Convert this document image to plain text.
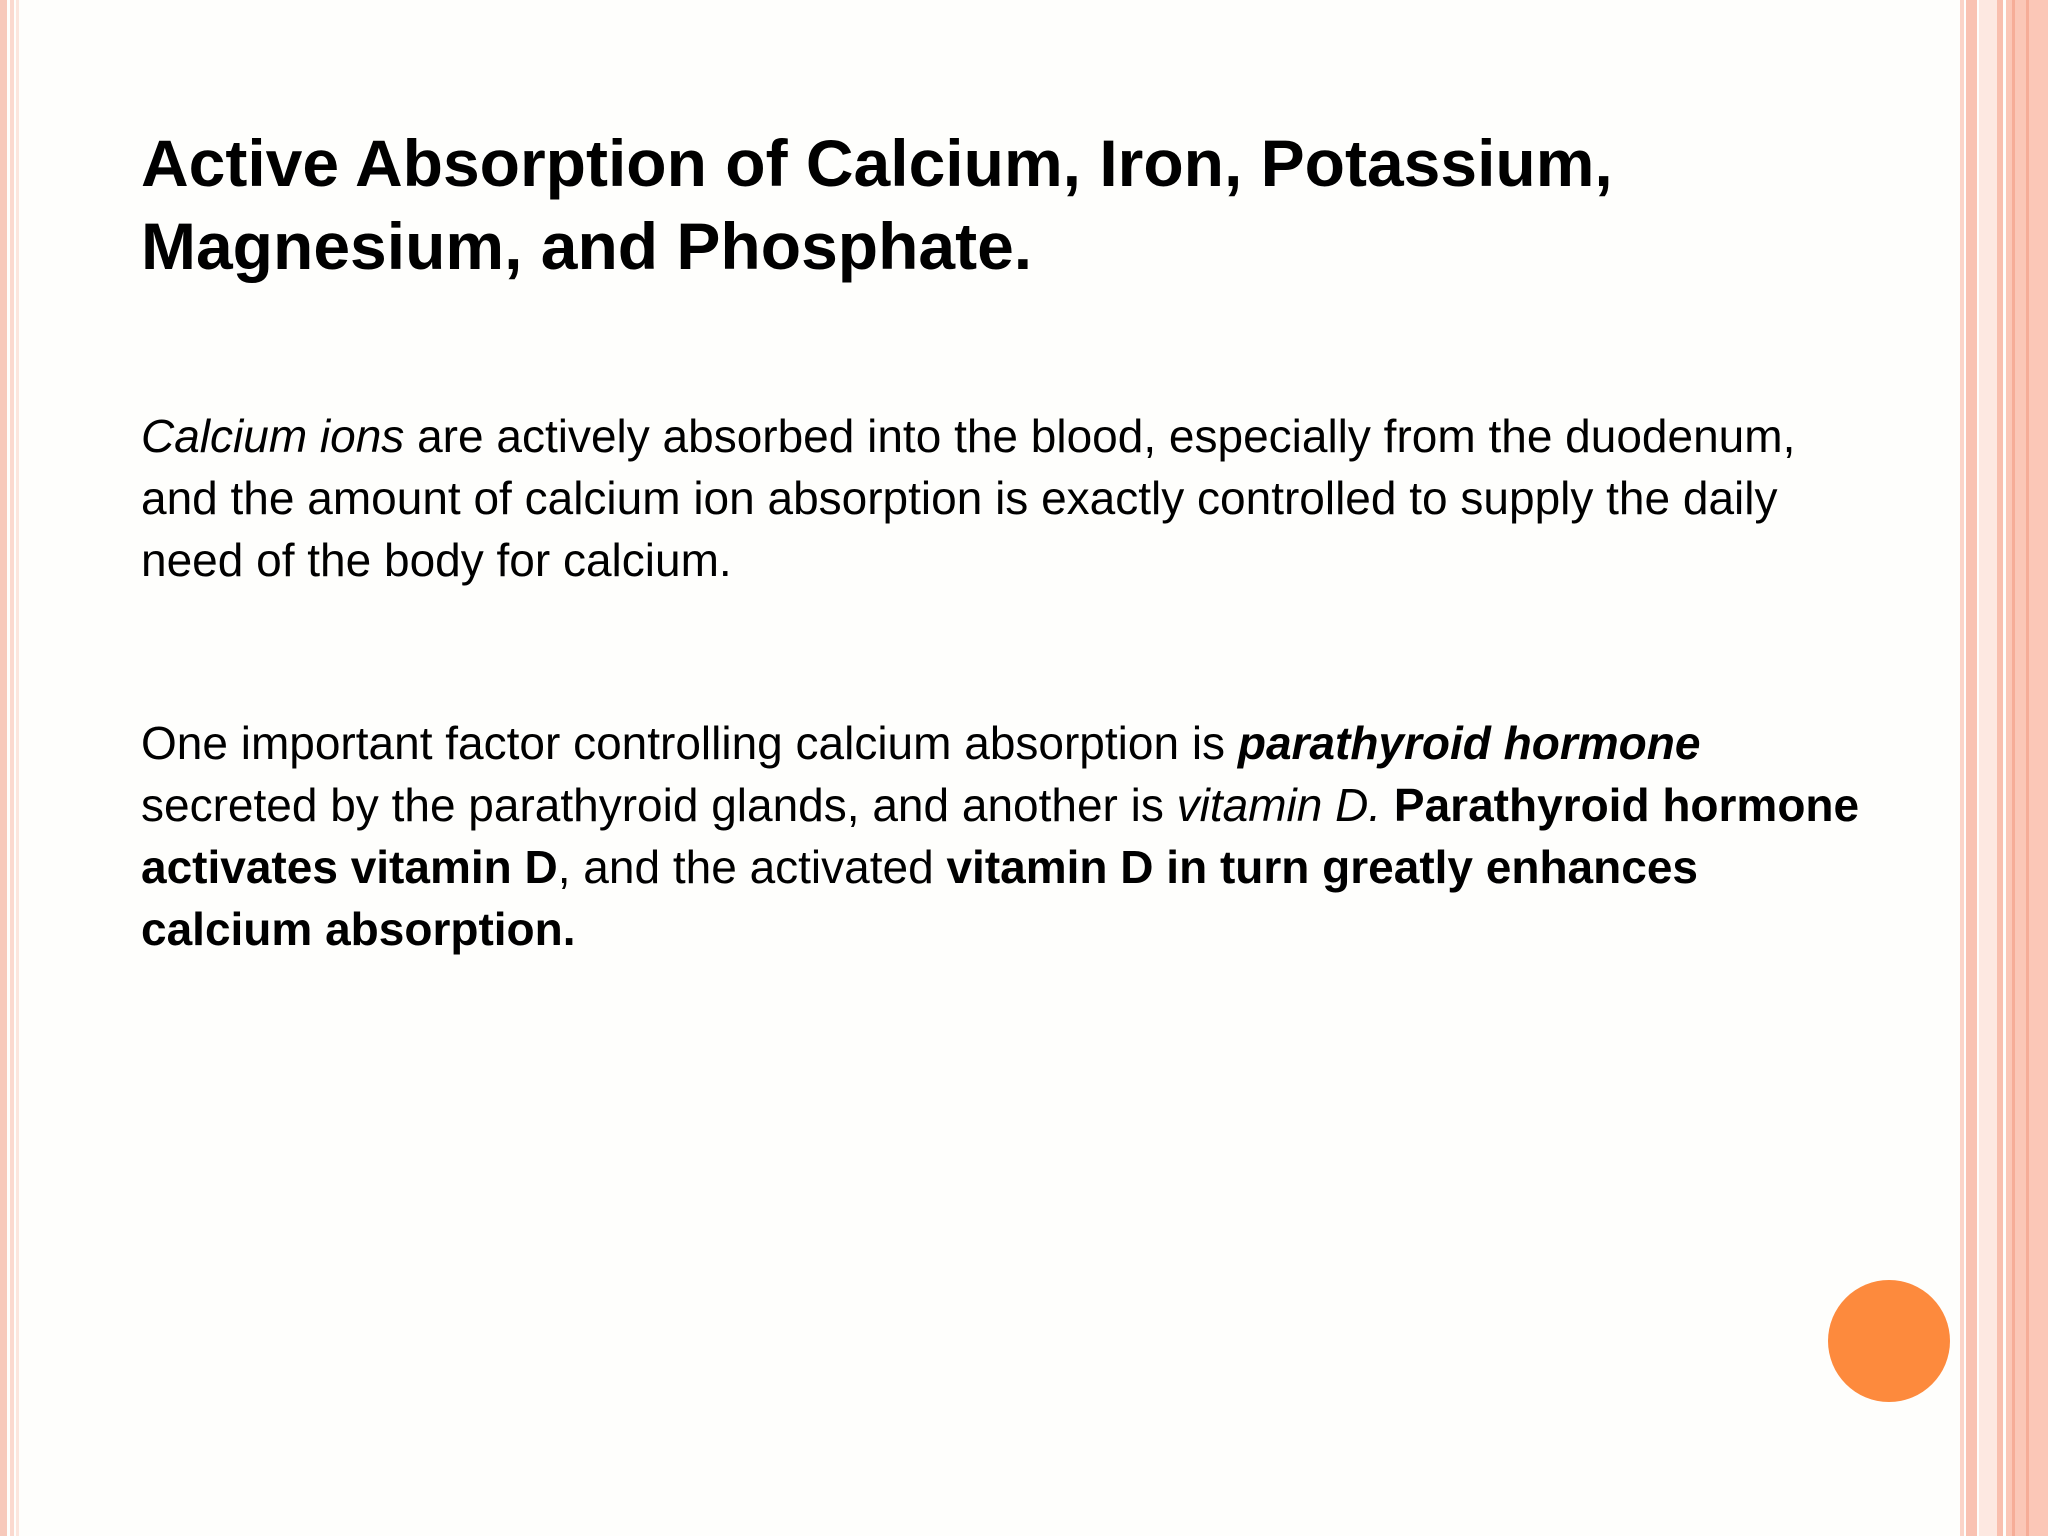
Active Absorption of Calcium, Iron, Potassium,
Magnesium, and Phosphate.

Calcium ions are actively absorbed into the blood, especially from the duodenum, and the amount of calcium ion absorption is exactly controlled to supply the daily need of the body for calcium.

One important factor controlling calcium absorption is parathyroid hormone secreted by the parathyroid glands, and another is vitamin D. Parathyroid hormone activates vitamin D, and the activated vitamin D in turn greatly enhances calcium absorption.
